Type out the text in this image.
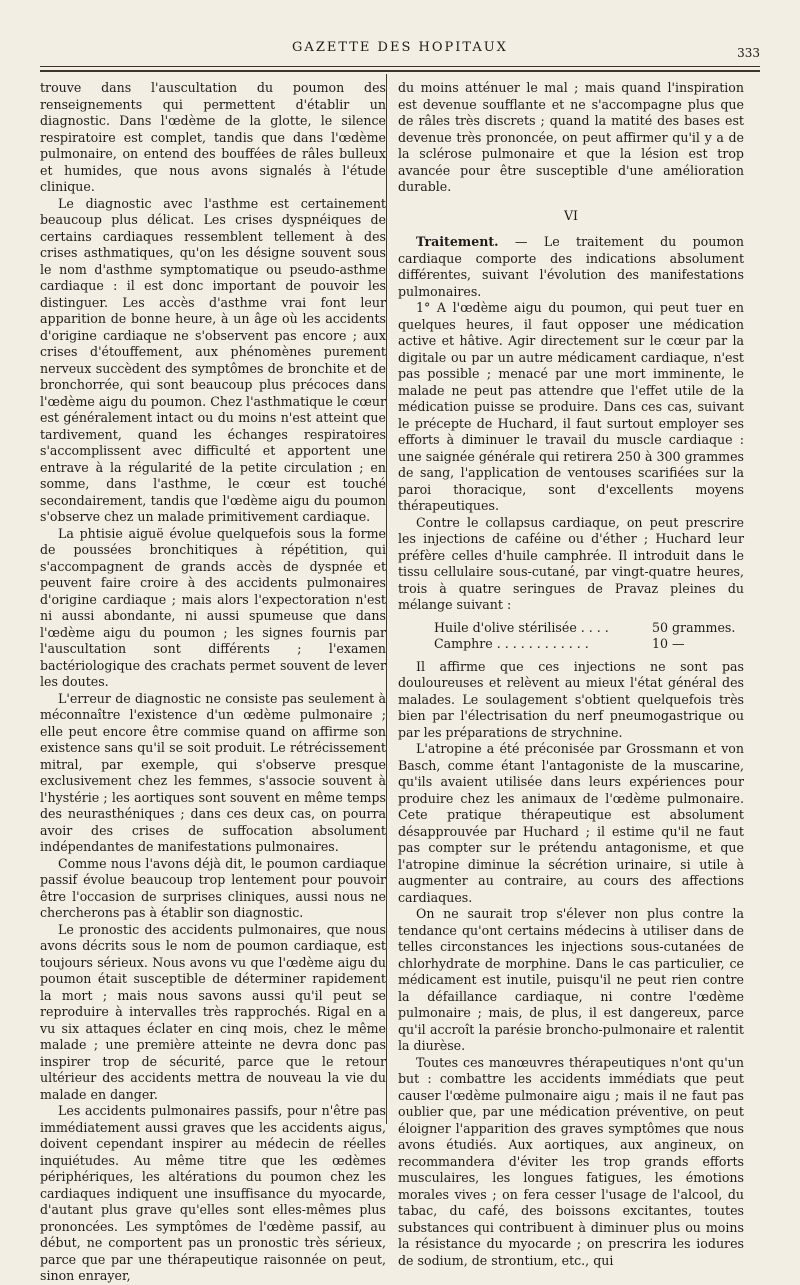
GAZETTE DES HOPITAUX	333

trouve dans l'auscultation du poumon des renseignements qui permettent d'établir un diagnostic. Dans l'œdème de la glotte, le silence respiratoire est complet, tandis que dans l'œdème pulmonaire, on entend des bouffées de râles bulleux et humides, que nous avons signalés à l'étude clinique.

Le diagnostic avec l'asthme est certainement beaucoup plus délicat. Les crises dyspnéiques de certains cardiaques ressemblent tellement à des crises asthmatiques, qu'on les désigne souvent sous le nom d'asthme symptomatique ou pseudo-asthme cardiaque : il est donc important de pouvoir les distinguer. Les accès d'asthme vrai font leur apparition de bonne heure, à un âge où les accidents d'origine cardiaque ne s'observent pas encore ; aux crises d'étouffement, aux phénomènes purement nerveux succèdent des symptômes de bronchite et de bronchorrée, qui sont beaucoup plus précoces dans l'œdème aigu du poumon. Chez l'asthmatique le cœur est généralement intact ou du moins n'est atteint que tardivement, quand les échanges respiratoires s'accomplissent avec difficulté et apportent une entrave à la régularité de la petite circulation ; en somme, dans l'asthme, le cœur est touché secondairement, tandis que l'œdème aigu du poumon s'observe chez un malade primitivement cardiaque.

La phtisie aiguë évolue quelquefois sous la forme de poussées bronchitiques à répétition, qui s'accompagnent de grands accès de dyspnée et peuvent faire croire à des accidents pulmonaires d'origine cardiaque ; mais alors l'expectoration n'est ni aussi abondante, ni aussi spumeuse que dans l'œdème aigu du poumon ; les signes fournis par l'auscultation sont différents ; l'examen bactériologique des crachats permet souvent de lever les doutes.

L'erreur de diagnostic ne consiste pas seulement à méconnaître l'existence d'un œdème pulmonaire ; elle peut encore être commise quand on affirme son existence sans qu'il se soit produit. Le rétrécissement mitral, par exemple, qui s'observe presque exclusivement chez les femmes, s'associe souvent à l'hystérie ; les aortiques sont souvent en même temps des neurasthéniques ; dans ces deux cas, on pourra avoir des crises de suffocation absolument indépendantes de manifestations pulmonaires.

Comme nous l'avons déjà dit, le poumon cardiaque passif évolue beaucoup trop lentement pour pouvoir être l'occasion de surprises cliniques, aussi nous ne chercherons pas à établir son diagnostic.

Le pronostic des accidents pulmonaires, que nous avons décrits sous le nom de poumon cardiaque, est toujours sérieux. Nous avons vu que l'œdème aigu du poumon était susceptible de déterminer rapidement la mort ; mais nous savons aussi qu'il peut se reproduire à intervalles très rapprochés. Rigal en a vu six attaques éclater en cinq mois, chez le même malade ; une première atteinte ne devra donc pas inspirer trop de sécurité, parce que le retour ultérieur des accidents mettra de nouveau la vie du malade en danger.

Les accidents pulmonaires passifs, pour n'être pas immédiatement aussi graves que les accidents aigus, doivent cependant inspirer au médecin de réelles inquiétudes. Au même titre que les œdèmes périphériques, les altérations du poumon chez les cardiaques indiquent une insuffisance du myocarde, d'autant plus grave qu'elles sont elles-mêmes plus prononcées. Les symptômes de l'œdème passif, au début, ne comportent pas un pronostic très sérieux, parce que par une thérapeutique raisonnée on peut, sinon enrayer,

du moins atténuer le mal ; mais quand l'inspiration est devenue soufflante et ne s'accompagne plus que de râles très discrets ; quand la matité des bases est devenue très prononcée, on peut affirmer qu'il y a de la sclérose pulmonaire et que la lésion est trop avancée pour être susceptible d'une amélioration durable.

VI

Traitement. — Le traitement du poumon cardiaque comporte des indications absolument différentes, suivant l'évolution des manifestations pulmonaires.

1° A l'œdème aigu du poumon, qui peut tuer en quelques heures, il faut opposer une médication active et hâtive. Agir directement sur le cœur par la digitale ou par un autre médicament cardiaque, n'est pas possible ; menacé par une mort imminente, le malade ne peut pas attendre que l'effet utile de la médication puisse se produire. Dans ces cas, suivant le précepte de Huchard, il faut surtout employer ses efforts à diminuer le travail du muscle cardiaque : une saignée générale qui retirera 250 à 300 grammes de sang, l'application de ventouses scarifiées sur la paroi thoracique, sont d'excellents moyens thérapeutiques.

Contre le collapsus cardiaque, on peut prescrire les injections de caféine ou d'éther ; Huchard leur préfère celles d'huile camphrée. Il introduit dans le tissu cellulaire sous-cutané, par vingt-quatre heures, trois à quatre seringues de Pravaz pleines du mélange suivant :

Huile d'olive stérilisée . . . .	50 grammes.
Camphre . . . . . . . . . . . .	10 —

Il affirme que ces injections ne sont pas douloureuses et relèvent au mieux l'état général des malades. Le soulagement s'obtient quelquefois très bien par l'électrisation du nerf pneumogastrique ou par les préparations de strychnine.

L'atropine a été préconisée par Grossmann et von Basch, comme étant l'antagoniste de la muscarine, qu'ils avaient utilisée dans leurs expériences pour produire chez les animaux de l'œdème pulmonaire. Cete pratique thérapeutique est absolument désapprouvée par Huchard ; il estime qu'il ne faut pas compter sur le prétendu antagonisme, et que l'atropine diminue la sécrétion urinaire, si utile à augmenter au contraire, au cours des affections cardiaques.

On ne saurait trop s'élever non plus contre la tendance qu'ont certains médecins à utiliser dans de telles circonstances les injections sous-cutanées de chlorhydrate de morphine. Dans le cas particulier, ce médicament est inutile, puisqu'il ne peut rien contre la défaillance cardiaque, ni contre l'œdème pulmonaire ; mais, de plus, il est dangereux, parce qu'il accroît la parésie broncho-pulmonaire et ralentit la diurèse.

Toutes ces manœuvres thérapeutiques n'ont qu'un but : combattre les accidents immédiats que peut causer l'œdème pulmonaire aigu ; mais il ne faut pas oublier que, par une médication préventive, on peut éloigner l'apparition des graves symptômes que nous avons étudiés. Aux aortiques, aux angineux, on recommandera d'éviter les trop grands efforts musculaires, les longues fatigues, les émotions morales vives ; on fera cesser l'usage de l'alcool, du tabac, du café, des boissons excitantes, toutes substances qui contribuent à diminuer plus ou moins la résistance du myocarde ; on prescrira les iodures de sodium, de strontium, etc., qui
